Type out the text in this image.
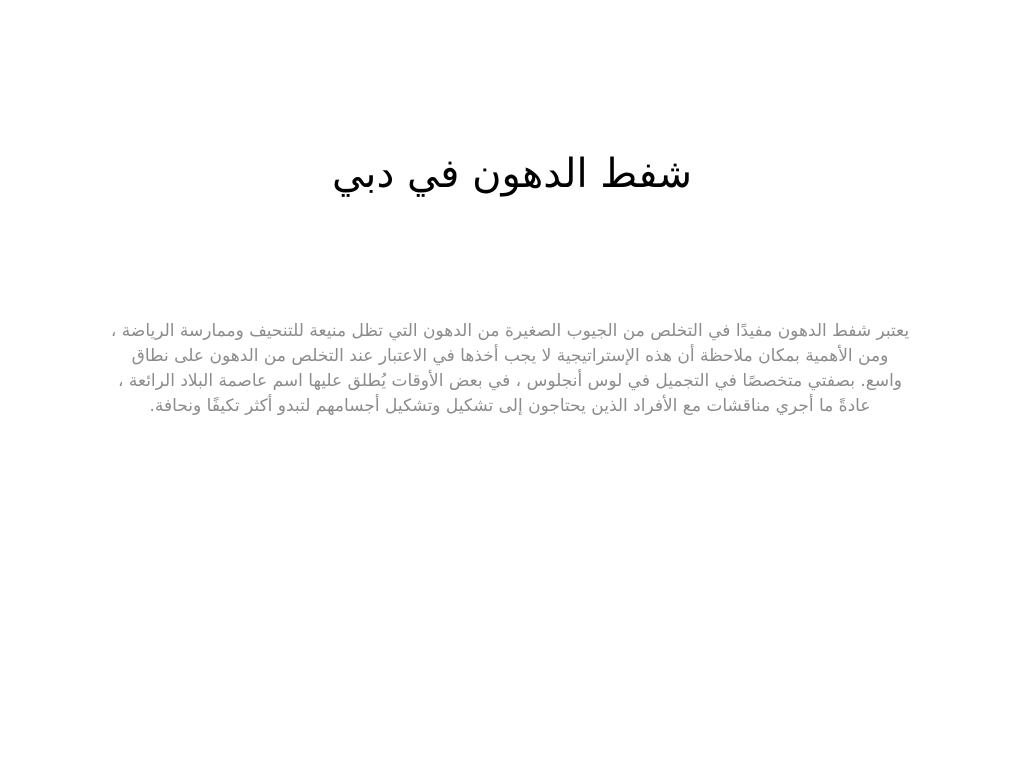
شفط الدهون في دبي

يعتبر شفط الدهون مفيدًا في التخلص من الجيوب الصغيرة من الدهون التي تظل منيعة للتنحيف وممارسة الرياضة ، ومن الأهمية بمكان ملاحظة أن هذه الإستراتيجية لا يجب أخذها في الاعتبار عند التخلص من الدهون على نطاق واسع. بصفتي متخصصًا في التجميل في لوس أنجلوس ، في بعض الأوقات يُطلق عليها اسم عاصمة البلاد الرائعة ، عادةً ما أجري مناقشات مع الأفراد الذين يحتاجون إلى تشكيل وتشكيل أجسامهم لتبدو أكثر تكيفًا ونحافة.
